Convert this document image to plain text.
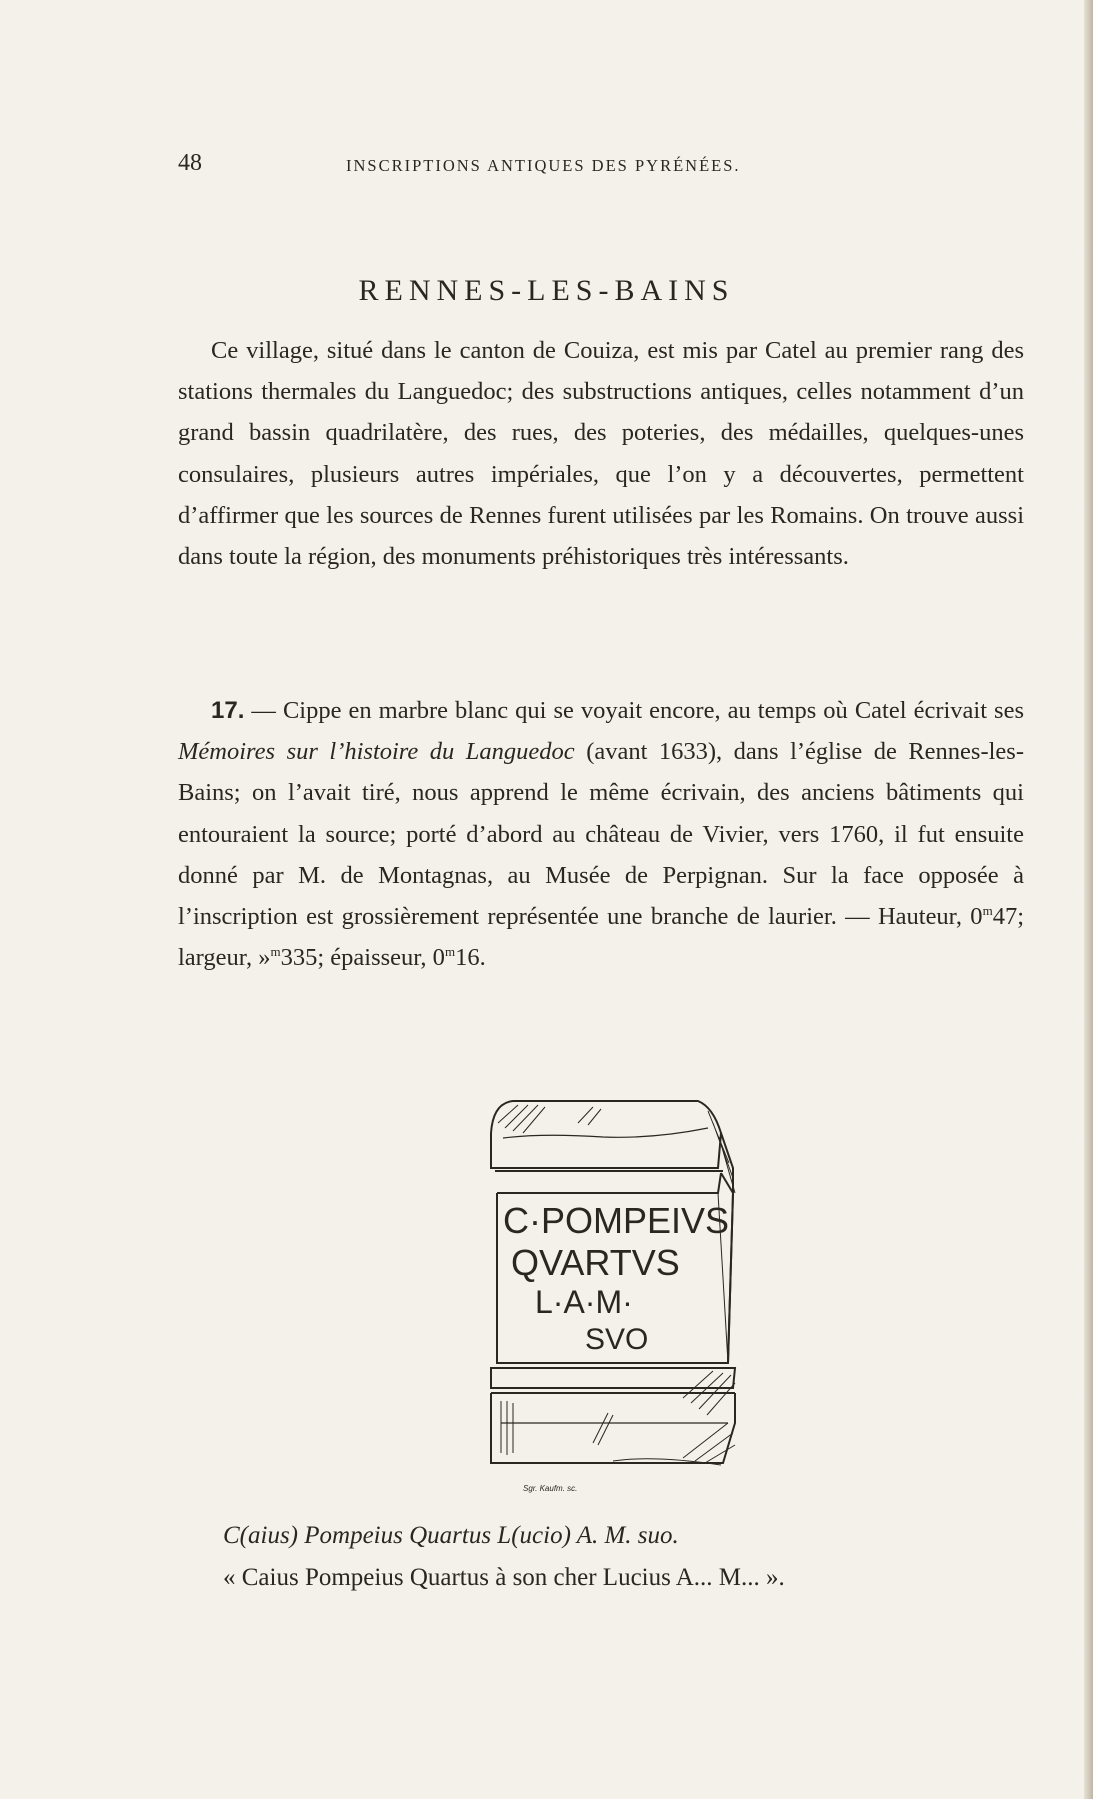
48	INSCRIPTIONS ANTIQUES DES PYRÉNÉES.
RENNES-LES-BAINS

Ce village, situé dans le canton de Couiza, est mis par Catel au premier rang des stations thermales du Languedoc; des substructions antiques, celles notamment d’un grand bassin quadrilatère, des rues, des poteries, des médailles, quelques-unes consulaires, plusieurs autres impériales, que l’on y a découvertes, permettent d’affirmer que les sources de Rennes furent utilisées par les Romains. On trouve aussi dans toute la région, des monuments préhistoriques très intéressants.

17. — Cippe en marbre blanc qui se voyait encore, au temps où Catel écrivait ses Mémoires sur l’histoire du Languedoc (avant 1633), dans l’église de Rennes-les-Bains; on l’avait tiré, nous apprend le même écrivain, des anciens bâtiments qui entouraient la source; porté d’abord au château de Vivier, vers 1760, il fut ensuite donné par M. de Montagnas, au Musée de Perpignan. Sur la face opposée à l’inscription est grossièrement représentée une branche de laurier. — Hauteur, 0$^m$47; largeur, »$^m$335; épaisseur, 0$^m$16.

C·POMPEIVS
QVARTVS
L·A·M·
SVO
Sgr. Kaufm. sc.

C(aius) Pompeius Quartus L(ucio) A. M. suo.

« Caius Pompeius Quartus à son cher Lucius A... M... ».
